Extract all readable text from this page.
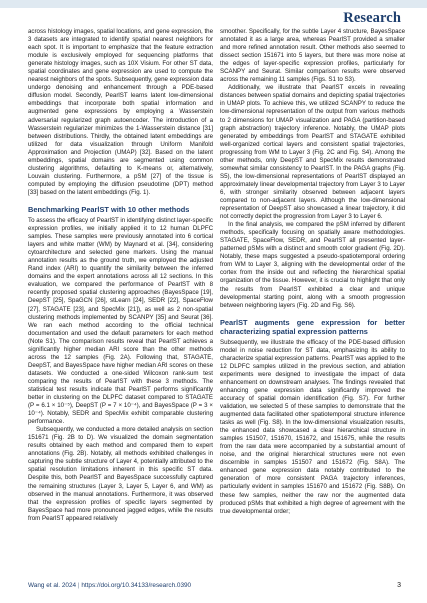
Research

across histology images, spatial locations, and gene expression, the 3 datasets are integrated to identify spatial nearest neighbors for each spot. It is important to emphasize that the feature extraction module is exclusively employed for sequencing platforms that generate histology images, such as 10X Visium. For other ST data, spatial coordinates and gene expression are used to compute the nearest neighbors of the spots. Subsequently, gene expression data undergo denoising and enhancement through a PDE-based diffusion model. Secondly, PearlST learns latent low-dimensional embeddings that incorporate both spatial information and augmented gene expressions by employing a Wasserstein adversarial regularized graph autoencoder. The introduction of a Wasserstein regularizer minimizes the 1-Wasserstein distance [31] between distributions. Thirdly, the obtained latent embeddings are utilized for data visualization through Uniform Manifold Approximation and Projection (UMAP) [32]. Based on the latent embeddings, spatial domains are segmented using common clustering algorithms, defaulting to K-means or, alternatively, Louvain clustering. Furthermore, a pSM [27] of the tissue is computed by employing the diffusion pseudotime (DPT) method [33] based on the latent embeddings (Fig. 1).

Benchmarking PearlST with 10 other methods

To assess the efficacy of PearlST in identifying distinct layer-specific expression profiles, we initially applied it to 12 human DLPFC samples. These samples were previously annotated into 6 cortical layers and white matter (WM) by Maynard et al. [34], considering cytoarchitecture and selected gene markers. Using the manual annotation results as the ground truth, we employed the adjusted Rand index (ARI) to quantify the similarity between the inferred domains and the expert annotations across all 12 sections. In this evaluation, we compared the performance of PearlST with 8 recently proposed spatial clustering approaches (BayesSpace [19], DeepST [25], SpaGCN [26], stLearn [24], SEDR [22], SpaceFlow [27], STAGATE [23], and SpecMix [21]), as well as 2 non-spatial clustering methods implemented by SCANPY [35] and Seurat [36]. We ran each method according to the official technical documentation and used the default parameters for each method (Note S1). The comparison results reveal that PearlST achieves a significantly higher median ARI score than the other methods across the 12 samples (Fig. 2A). Following that, STAGATE, DeepST, and BayesSpace have higher median ARI scores on these datasets. We conducted a one-sided Wilcoxon rank-sum test comparing the results of PearlST with these 3 methods. The statistical test results indicate that PearlST performs significantly better in clustering on the DLPFC dataset compared to STAGATE (P = 6.1 × 10⁻⁵), DeepST (P = 7 × 10⁻⁴), and BayesSpace (P = 3 × 10⁻⁴). Notably, SEDR and SpecMix exhibit comparable clustering performance.

Subsequently, we conducted a more detailed analysis on section 151671 (Fig. 2B to D). We visualized the domain segmentation results obtained by each method and compared them to expert annotations (Fig. 2B). Notably, all methods exhibited challenges in capturing the subtle structure of Layer 4, potentially attributed to the spatial resolution limitations inherent in this specific ST data. Despite this, both PearlST and BayesSpace successfully captured the remaining structures (Layer 3, Layer 5, Layer 6, and WM) as observed in the manual annotations. Furthermore, it was observed that the expression profiles of specific layers segmented by BayesSpace had more pronounced jagged edges, while the results from PearlST appeared relatively

smoother. Specifically, for the subtle Layer 4 structure, BayesSpace annotated it as a large area, whereas PearlST provided a smaller and more refined annotation result. Other methods also seemed to dissect section 151671 into 5 layers, but there was more noise at the edges of layer-specific expression profiles, particularly for SCANPY and Seurat. Similar comparison results were observed across the remaining 11 samples (Figs. S1 to S3).

Additionally, we illustrate that PearlST excels in revealing distances between spatial domains and depicting spatial trajectories in UMAP plots. To achieve this, we utilized SCANPY to reduce the low-dimensional representation of the output from various methods to 2 dimensions for UMAP visualization and PAGA (partition-based graph abstraction) trajectory inference. Notably, the UMAP plots generated by embeddings from PearlST and STAGATE exhibited well-organized cortical layers and consistent spatial trajectories, progressing from WM to Layer 3 (Fig. 2C and Fig. S4). Among the other methods, only DeepST and SpecMix results demonstrated somewhat similar consistency to PearlST. In the PAGA graphs (Fig. S5), the low-dimensional representations of PearlST displayed an approximately linear developmental trajectory from Layer 3 to Layer 6, with stronger similarity observed between adjacent layers compared to non-adjacent layers. Although the low-dimensional representation of DeepST also showcased a linear trajectory, it did not correctly depict the progression from Layer 3 to Layer 6.

In the final analysis, we compared the pSM inferred by different methods, specifically focusing on spatially aware methodologies. STAGATE, SpaceFlow, SEDR, and PearlST all presented layer-patterned pSMs with a distinct and smooth color gradient (Fig. 2D). Notably, these maps suggested a pseudo-spatiotemporal ordering from WM to Layer 3, aligning with the developmental order of the cortex from the inside out and reflecting the hierarchical spatial organization of the tissue. However, it is crucial to highlight that only the results from PearlST exhibited a clear and unique developmental starting point, along with a smooth progression between neighboring layers (Fig. 2D and Fig. S6).

PearlST augments gene expression for better characterizing spatial expression patterns

Subsequently, we illustrate the efficacy of the PDE-based diffusion model in noise reduction for ST data, emphasizing its ability to characterize spatial expression patterns. PearlST was applied to the 12 DLPFC samples utilized in the previous section, and ablation experiments were designed to investigate the impact of data enhancement on downstream analyses. The findings revealed that enhancing gene expression data significantly improved the accuracy of spatial domain identification (Fig. S7). For further validation, we selected 5 of these samples to demonstrate that the augmented data facilitated other spatiotemporal structure inference tasks as well (Fig. S8). In the low-dimensional visualization results, the enhanced data showcased a clear hierarchical structure in samples 151507, 151670, 151672, and 151675, while the results from the raw data were accompanied by a substantial amount of noise, and the original hierarchical structures were not even discernible in samples 151507 and 151672 (Fig. S8A). The enhanced gene expression data notably contributed to the generation of more consistent PAGA trajectory inferences, particularly evident in samples 151670 and 151672 (Fig. S8B). On these few samples, neither the raw nor the augmented data produced pSMs that exhibited a high degree of agreement with the true developmental order;

Wang et al. 2024 | https://doi.org/10.34133/research.0390	3
